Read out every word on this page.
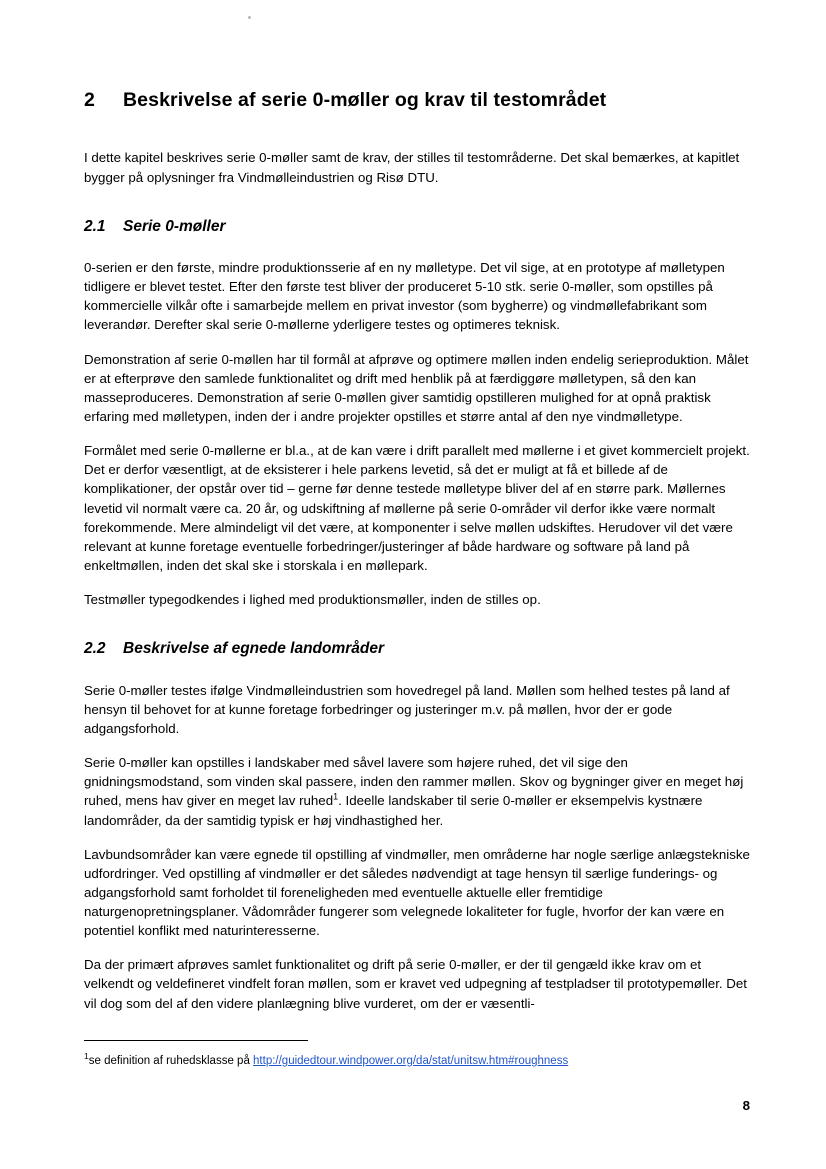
2 Beskrivelse af serie 0-møller og krav til testområdet

I dette kapitel beskrives serie 0-møller samt de krav, der stilles til testområderne. Det skal bemærkes, at kapitlet bygger på oplysninger fra Vindmølleindustrien og Risø DTU.

2.1 Serie 0-møller

0-serien er den første, mindre produktionsserie af en ny mølletype. Det vil sige, at en prototype af mølletypen tidligere er blevet testet. Efter den første test bliver der produceret 5-10 stk. serie 0-møller, som opstilles på kommercielle vilkår ofte i samarbejde mellem en privat investor (som bygherre) og vindmøllefabrikant som leverandør. Derefter skal serie 0-møllerne yderligere testes og optimeres teknisk.

Demonstration af serie 0-møllen har til formål at afprøve og optimere møllen inden endelig serieproduktion. Målet er at efterprøve den samlede funktionalitet og drift med henblik på at færdiggøre mølletypen, så den kan masseproduceres. Demonstration af serie 0-møllen giver samtidig opstilleren mulighed for at opnå praktisk erfaring med mølletypen, inden der i andre projekter opstilles et større antal af den nye vindmølletype.

Formålet med serie 0-møllerne er bl.a., at de kan være i drift parallelt med møllerne i et givet kommercielt projekt. Det er derfor væsentligt, at de eksisterer i hele parkens levetid, så det er muligt at få et billede af de komplikationer, der opstår over tid – gerne før denne testede mølletype bliver del af en større park. Møllernes levetid vil normalt være ca. 20 år, og udskiftning af møllerne på serie 0-områder vil derfor ikke være normalt forekommende. Mere almindeligt vil det være, at komponenter i selve møllen udskiftes. Herudover vil det være relevant at kunne foretage eventuelle forbedringer/justeringer af både hardware og software på land på enkeltmøllen, inden det skal ske i storskala i en møllepark.

Testmøller typegodkendes i lighed med produktionsmøller, inden de stilles op.

2.2 Beskrivelse af egnede landområder

Serie 0-møller testes ifølge Vindmølleindustrien som hovedregel på land. Møllen som helhed testes på land af hensyn til behovet for at kunne foretage forbedringer og justeringer m.v. på møllen, hvor der er gode adgangsforhold.

Serie 0-møller kan opstilles i landskaber med såvel lavere som højere ruhed, det vil sige den gnidningsmodstand, som vinden skal passere, inden den rammer møllen. Skov og bygninger giver en meget høj ruhed, mens hav giver en meget lav ruhed$^1$. Ideelle landskaber til serie 0-møller er eksempelvis kystnære landområder, da der samtidig typisk er høj vindhastighed her.

Lavbundsområder kan være egnede til opstilling af vindmøller, men områderne har nogle særlige anlægstekniske udfordringer. Ved opstilling af vindmøller er det således nødvendigt at tage hensyn til særlige funderings- og adgangsforhold samt forholdet til foreneligheden med eventuelle aktuelle eller fremtidige naturgenopretningsplaner. Vådområder fungerer som velegnede lokaliteter for fugle, hvorfor der kan være en potentiel konflikt med naturinteresserne.

Da der primært afprøves samlet funktionalitet og drift på serie 0-møller, er der til gengæld ikke krav om et velkendt og veldefineret vindfelt foran møllen, som er kravet ved udpegning af testpladser til prototypemøller. Det vil dog som del af den videre planlægning blive vurderet, om der er væsentli-

$^1$se definition af ruhedsklasse på http://guidedtour.windpower.org/da/stat/unitsw.htm#roughness
8
